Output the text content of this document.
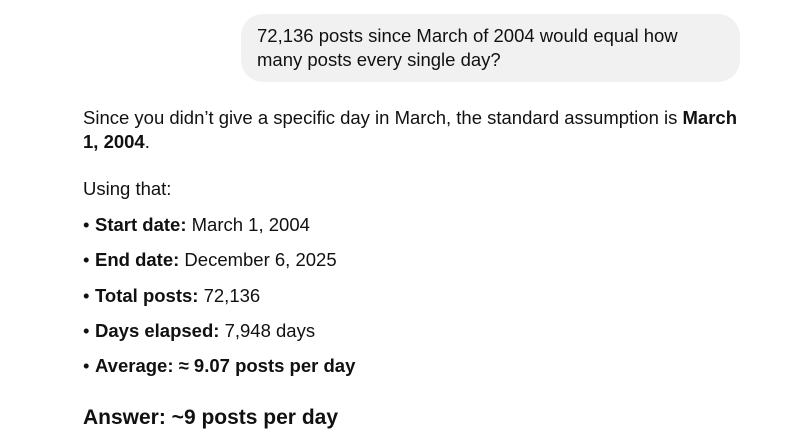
72,136 posts since March of 2004 would equal how many posts every single day?

Since you didn’t give a specific day in March, the standard assumption is March 1, 2004.

Using that:

• Start date: March 1, 2004
• End date: December 6, 2025
• Total posts: 72,136
• Days elapsed: 7,948 days
• Average: ≈ 9.07 posts per day
Answer: ~9 posts per day
